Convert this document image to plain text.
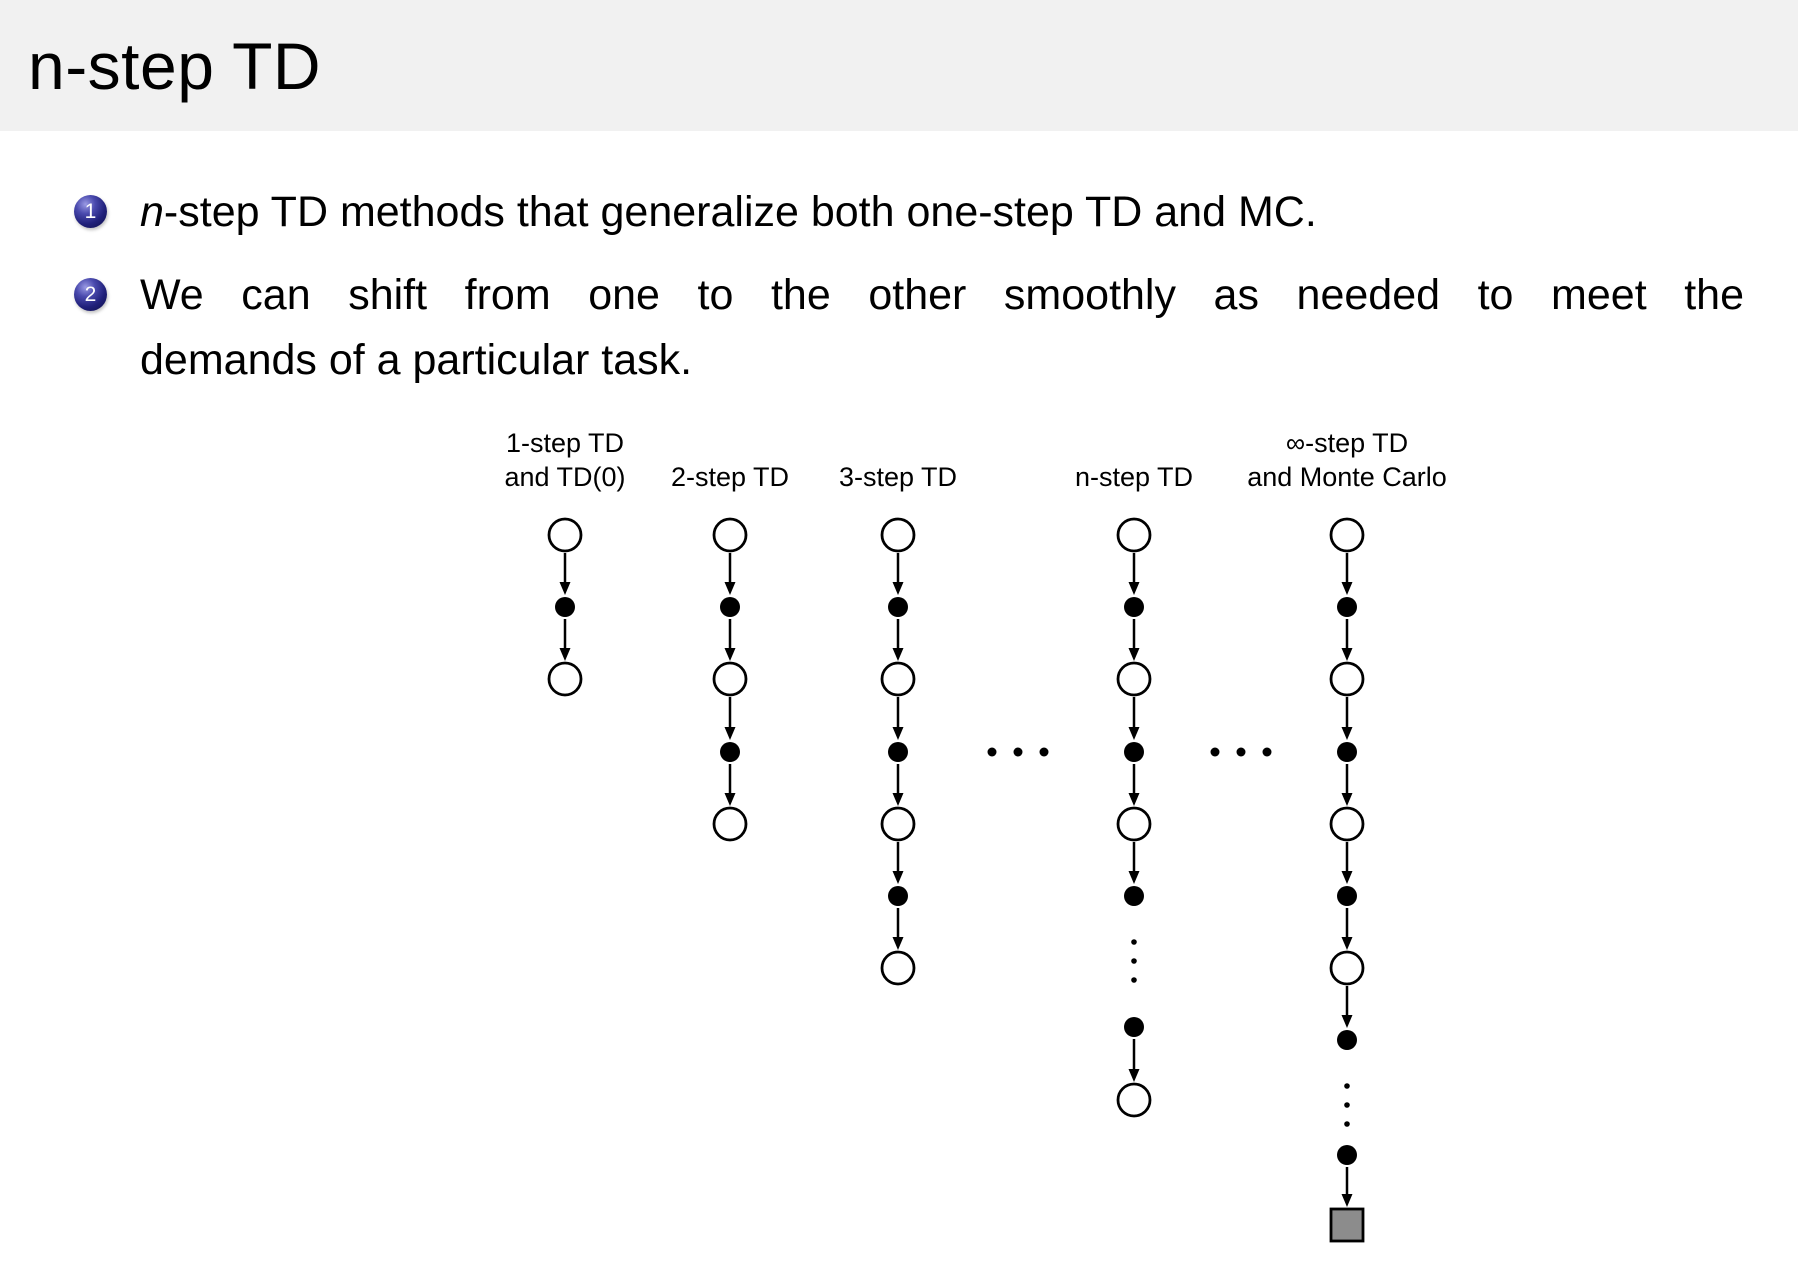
n-step TD
1 n-step TD methods that generalize both one-step TD and MC.
2 We can shift from one to the other smoothly as needed to meet the
demands of a particular task.
1-step TD
and TD(0) 2-step TD 3-step TD	n-step TD
∞-step TD
and Monte Carlo
